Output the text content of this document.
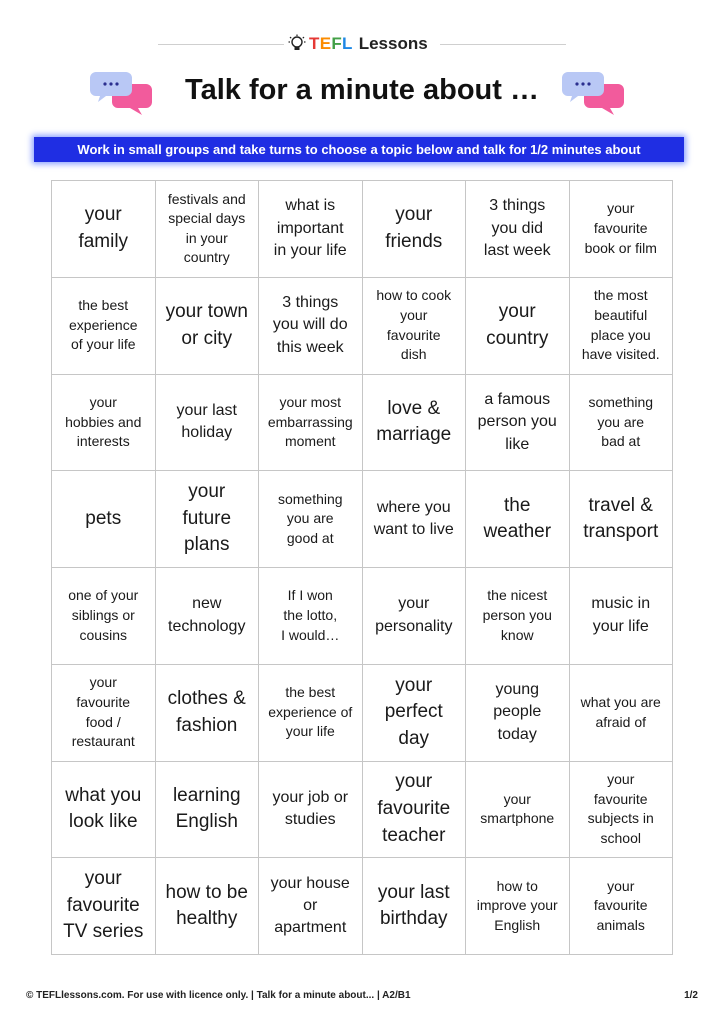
TEFL Lessons
Talk for a minute about …
Work in small groups and take turns to choose a topic below and talk for 1/2 minutes about
your
family
festivals and
special days
in your
country
what is
important
in your life
your
friends
3 things
you did
last week
your
favourite
book or film
the best
experience
of your life
your town
or city
3 things
you will do
this week
how to cook
your
favourite
dish
your
country
the most
beautiful
place you
have visited.
your
hobbies and
interests
your last
holiday
your most
embarrassing
moment
love &
marriage
a famous
person you
like
something
you are
bad at
pets
your
future
plans
something
you are
good at
where you
want to live
the
weather
travel &
transport
one of your
siblings or
cousins
new
technology
If I won
the lotto,
I would…
your
personality
the nicest
person you
know
music in
your life
your
favourite
food /
restaurant
clothes &
fashion
the best
experience of
your life
your
perfect
day
young
people
today
what you are
afraid of
what you
look like
learning
English
your job or
studies
your
favourite
teacher
your
smartphone
your
favourite
subjects in
school
your
favourite
TV series
how to be
healthy
your house
or apartment
your last
birthday
how to
improve your
English
your
favourite
animals
© TEFLlessons.com. For use with licence only. | Talk for a minute about... | A2/B1	1/2
